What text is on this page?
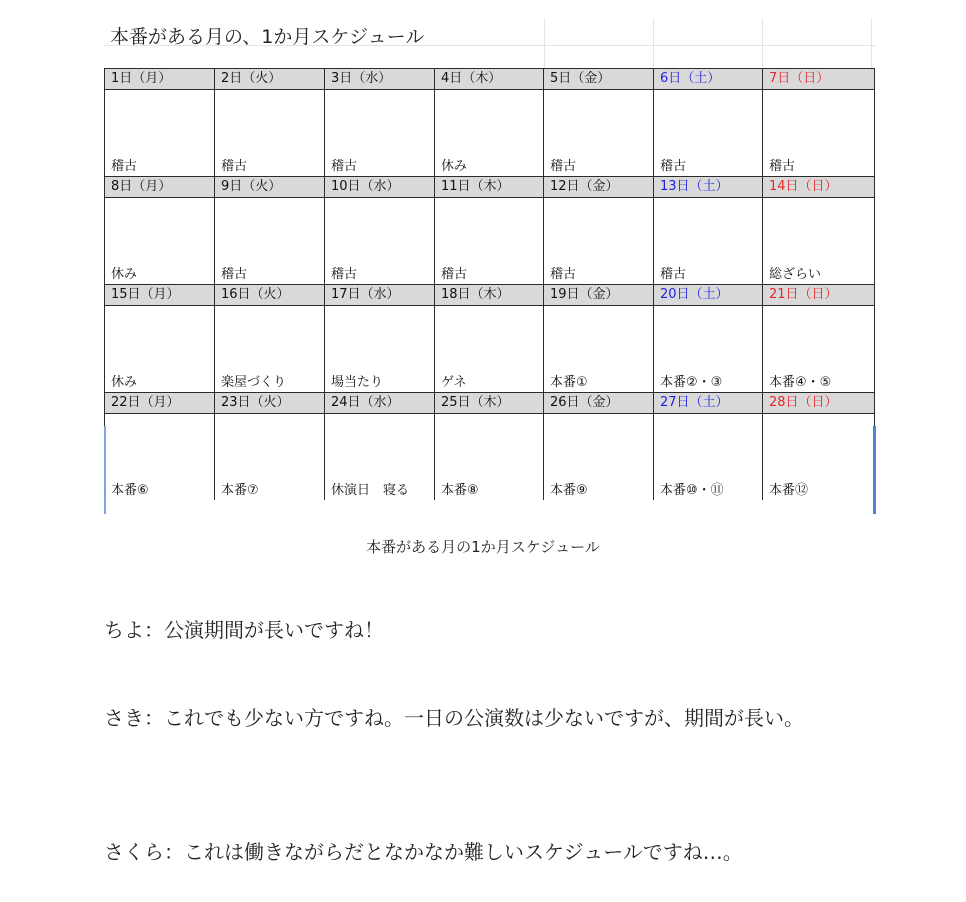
本番がある月の、1か月スケジュール
1日（月）	2日（火）	3日（水）	4日（木）	5日（金）	6日（土）	7日（日）
稽古	稽古	稽古	休み	稽古	稽古	稽古
8日（月）	9日（火）	10日（水）	11日（木）	12日（金）	13日（土）	14日（日）
休み	稽古	稽古	稽古	稽古	稽古	総ざらい
15日（月）	16日（火）	17日（水）	18日（木）	19日（金）	20日（土）	21日（日）
休み	楽屋づくり	場当たり	ゲネ	本番①	本番②・③	本番④・⑤
22日（月）	23日（火）	24日（水）	25日（木）	26日（金）	27日（土）	28日（日）
本番⑥	本番⑦	休演日　寝る	本番⑧	本番⑨	本番⑩・⑪	本番⑫
本番がある月の1か月スケジュール

ちよ：公演期間が長いですね！

さき：これでも少ない方ですね。一日の公演数は少ないですが、期間が長い。

さくら：これは働きながらだとなかなか難しいスケジュールですね…。
